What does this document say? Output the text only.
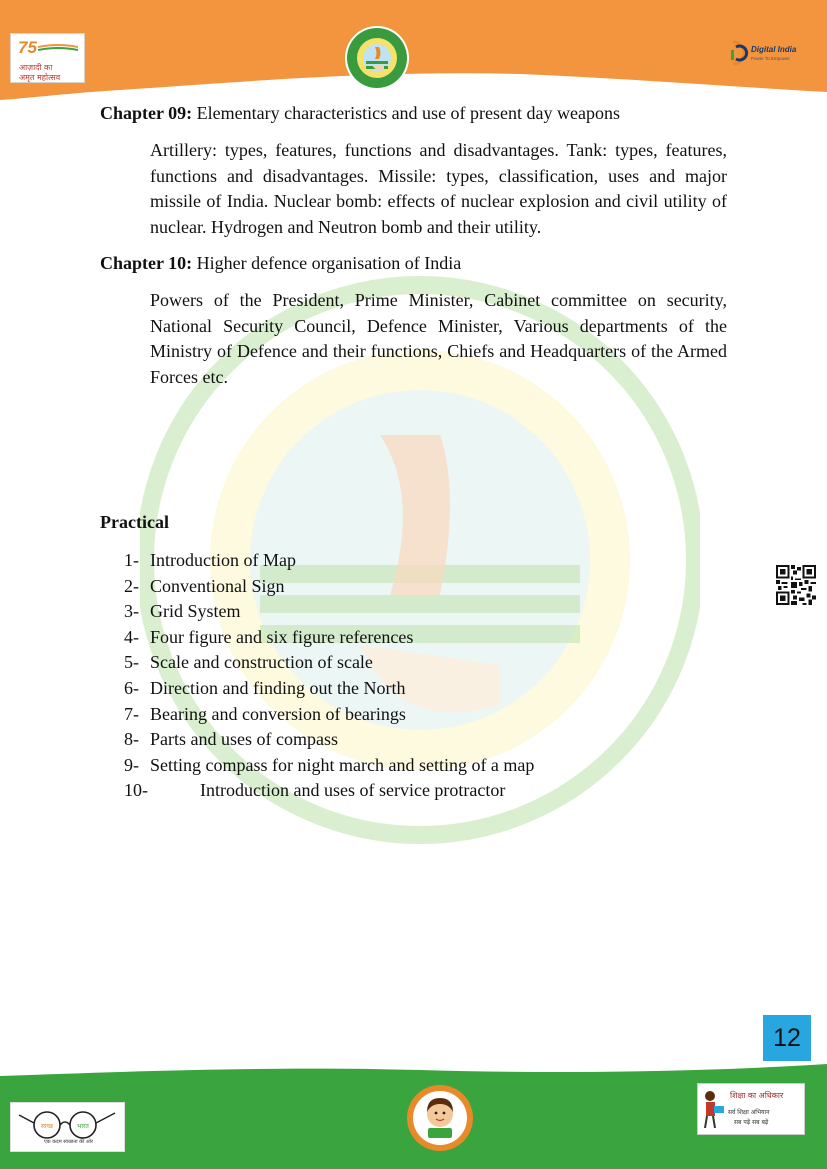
75
आज़ादी का
अमृत महोत्सव
Digital India
Power To Empower
Chapter 09: Elementary characteristics and use of present day weapons

Artillery: types, features, functions and disadvantages. Tank: types, features, functions and disadvantages. Missile: types, classification, uses and major missile of India. Nuclear bomb: effects of nuclear explosion and civil utility of nuclear. Hydrogen and Neutron bomb and their utility.

Chapter 10: Higher defence organisation of India

Powers of the President, Prime Minister, Cabinet committee on security, National Security Council, Defence Minister, Various departments of the Ministry of Defence and their functions, Chiefs and Headquarters of the Armed Forces etc.

Practical
1- Introduction of Map
2- Conventional Sign
3- Grid System
4- Four figure and six figure references
5- Scale and construction of scale
6- Direction and finding out the North
7- Bearing and conversion of bearings
8- Parts and uses of compass
9- Setting compass for night march and setting of a map
10-	Introduction and uses of service protractor
12
स्वच्छ	भारत
एक कदम स्वच्छता की ओर
शिक्षा का अधिकार
सर्व शिक्षा अभियान
सब पढ़ें सब बढ़ें
